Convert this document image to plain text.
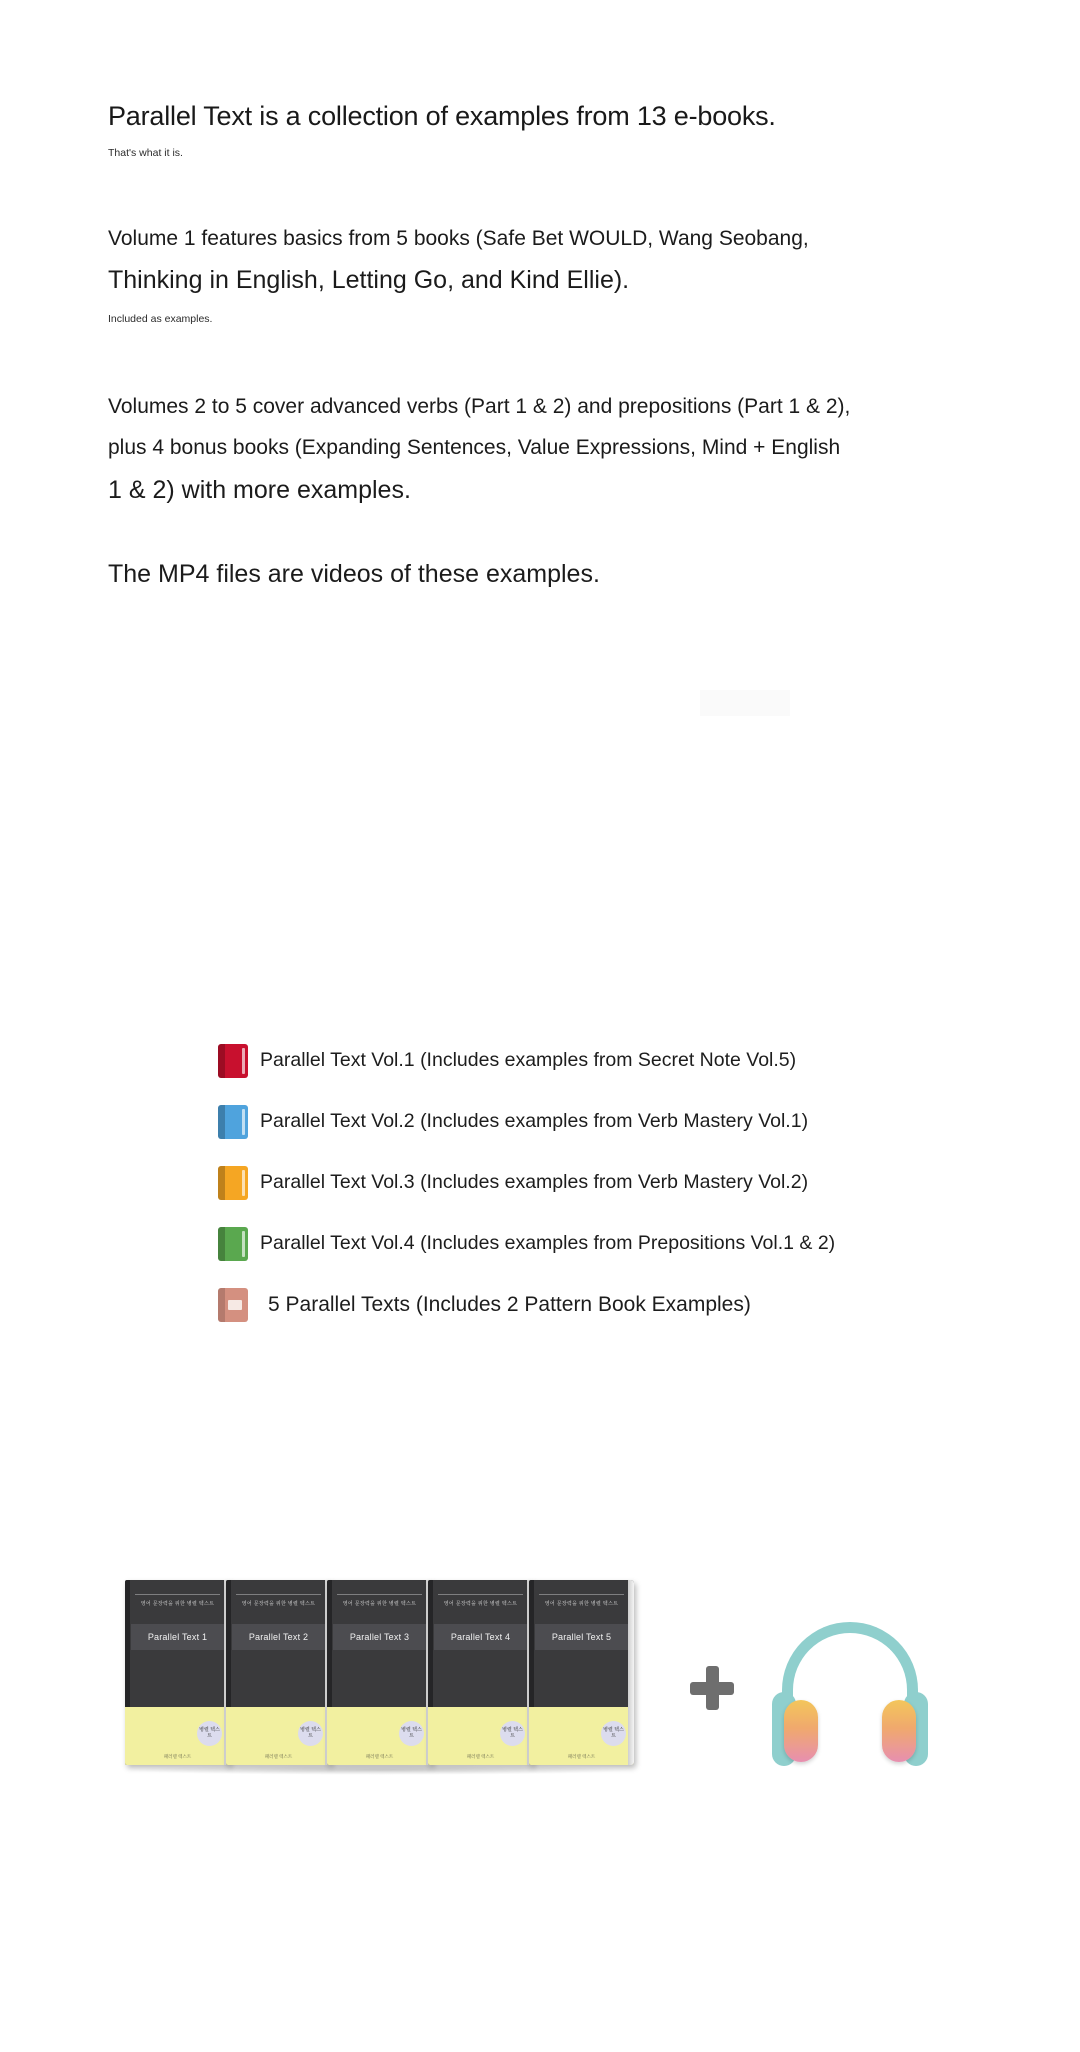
Parallel Text is a collection of examples from 13 e-books.

That's what it is.

Volume 1 features basics from 5 books (Safe Bet WOULD, Wang Seobang,

Thinking in English, Letting Go, and Kind Ellie).

Included as examples.

Volumes 2 to 5 cover advanced verbs (Part 1 & 2) and prepositions (Part 1 & 2),

plus 4 bonus books (Expanding Sentences, Value Expressions, Mind + English

1 & 2) with more examples.

The MP4 files are videos of these examples.

Parallel Text Vol.1 (Includes examples from Secret Note Vol.5)
Parallel Text Vol.2 (Includes examples from Verb Mastery Vol.1)
Parallel Text Vol.3 (Includes examples from Verb Mastery Vol.2)
Parallel Text Vol.4 (Includes examples from Prepositions Vol.1 & 2)
5 Parallel Texts (Includes 2 Pattern Book Examples)
영어 문장력을 위한 병렬 텍스트
Parallel Text 1
병렬 텍스트
패러렐 텍스트
영어 문장력을 위한 병렬 텍스트
Parallel Text 2
병렬 텍스트
패러렐 텍스트
영어 문장력을 위한 병렬 텍스트
Parallel Text 3
병렬 텍스트
패러렐 텍스트
영어 문장력을 위한 병렬 텍스트
Parallel Text 4
병렬 텍스트
패러렐 텍스트
영어 문장력을 위한 병렬 텍스트
Parallel Text 5
병렬 텍스트
패러렐 텍스트
